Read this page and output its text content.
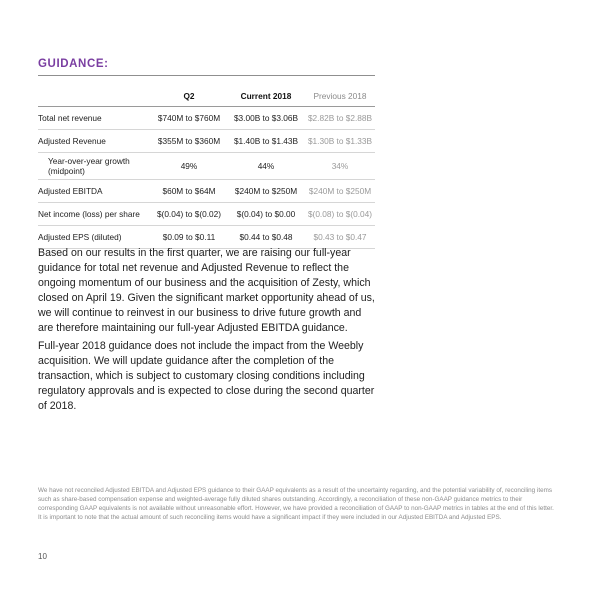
GUIDANCE:
	Q2	Current 2018	Previous 2018
Total net revenue	$740M to $760M	$3.00B to $3.06B	$2.82B to $2.88B
Adjusted Revenue	$355M to $360M	$1.40B to $1.43B	$1.30B to $1.33B
Year-over-year growth (midpoint)	49%	44%	34%
Adjusted EBITDA	$60M to $64M	$240M to $250M	$240M to $250M
Net income (loss) per share	$(0.04) to $(0.02)	$(0.04) to $0.00	$(0.08) to $(0.04)
Adjusted EPS (diluted)	$0.09 to $0.11	$0.44 to $0.48	$0.43 to $0.47

Based on our results in the first quarter, we are raising our full-year guidance for total net revenue and Adjusted Revenue to reflect the ongoing momentum of our business and the acquisition of Zesty, which closed on April 19. Given the significant market opportunity ahead of us, we will continue to reinvest in our business to drive future growth and are therefore maintaining our full-year Adjusted EBITDA guidance.

Full-year 2018 guidance does not include the impact from the Weebly acquisition. We will update guidance after the completion of the transaction, which is subject to customary closing conditions including regulatory approvals and is expected to close during the second quarter of 2018.

We have not reconciled Adjusted EBITDA and Adjusted EPS guidance to their GAAP equivalents as a result of the uncertainty regarding, and the potential variability of, reconciling items such as share-based compensation expense and weighted-average fully diluted shares outstanding. Accordingly, a reconciliation of these non-GAAP guidance metrics to their corresponding GAAP equivalents is not available without unreasonable effort. However, we have provided a reconciliation of GAAP to non-GAAP metrics in tables at the end of this letter. It is important to note that the actual amount of such reconciling items would have a significant impact if they were included in our Adjusted EBITDA and Adjusted EPS.

10
